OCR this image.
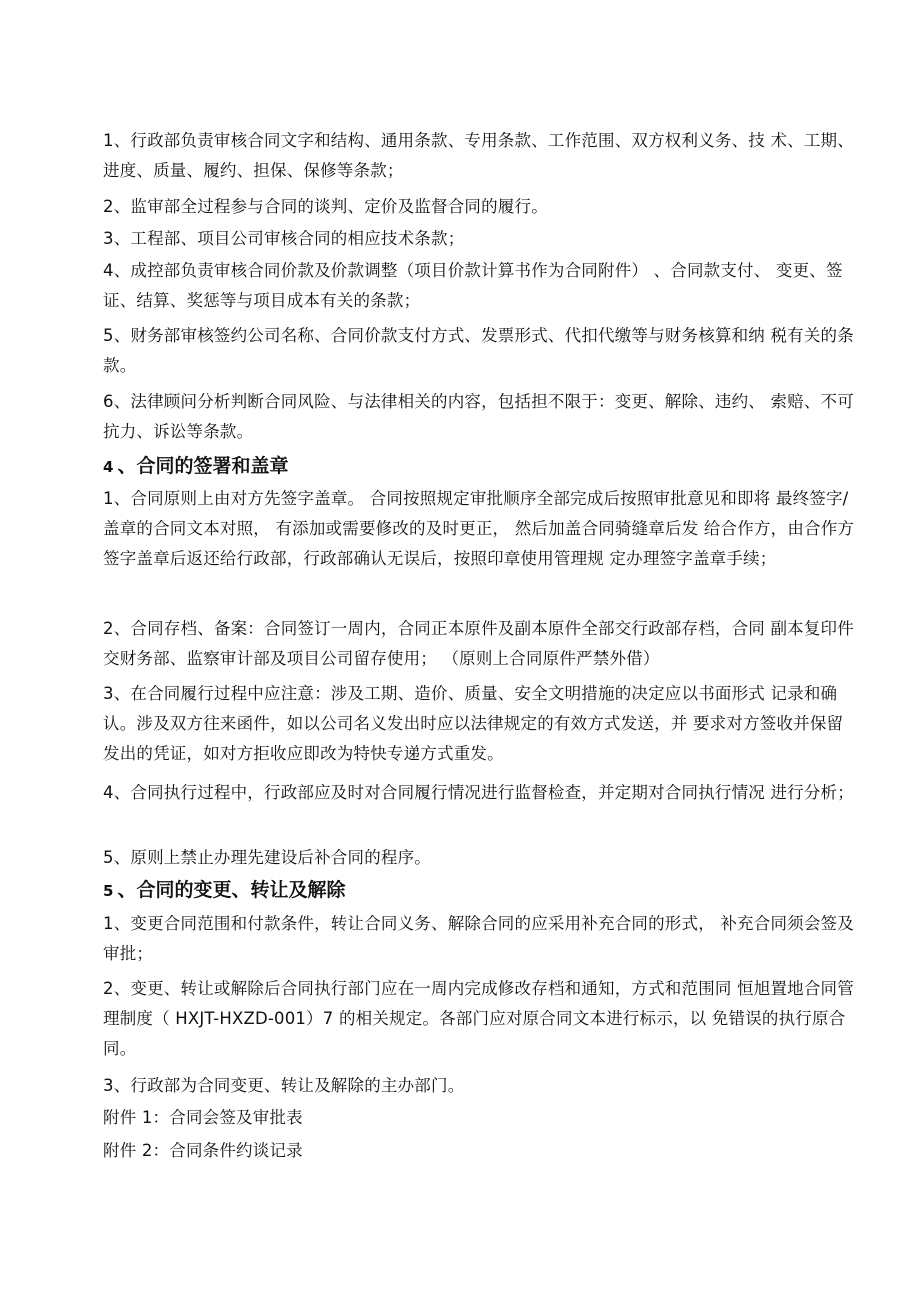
1、行政部负责审核合同文字和结构、通用条款、专用条款、工作范围、双方权利义务、技 术、工期、进度、质量、履约、担保、保修等条款；

2、监审部全过程参与合同的谈判、定价及监督合同的履行。

3、工程部、项目公司审核合同的相应技术条款；

4、成控部负责审核合同价款及价款调整（项目价款计算书作为合同附件） 、合同款支付、 变更、签证、结算、奖惩等与项目成本有关的条款；

5、财务部审核签约公司名称、合同价款支付方式、发票形式、代扣代缴等与财务核算和纳 税有关的条款。

6、法律顾问分析判断合同风险、与法律相关的内容，包括担不限于：变更、解除、违约、 索赔、不可抗力、诉讼等条款。

4 、合同的签署和盖章

1、合同原则上由对方先签字盖章。 合同按照规定审批顺序全部完成后按照审批意见和即将 最终签字/ 盖章的合同文本对照， 有添加或需要修改的及时更正， 然后加盖合同骑缝章后发 给合作方，由合作方签字盖章后返还给行政部，行政部确认无误后，按照印章使用管理规 定办理签字盖章手续；

2、合同存档、备案：合同签订一周内，合同正本原件及副本原件全部交行政部存档，合同 副本复印件交财务部、监察审计部及项目公司留存使用； （原则上合同原件严禁外借）

3、在合同履行过程中应注意：涉及工期、造价、质量、安全文明措施的决定应以书面形式 记录和确认。涉及双方往来函件，如以公司名义发出时应以法律规定的有效方式发送，并 要求对方签收并保留发出的凭证，如对方拒收应即改为特快专递方式重发。

4、合同执行过程中，行政部应及时对合同履行情况进行监督检查，并定期对合同执行情况 进行分析；

5、原则上禁止办理先建设后补合同的程序。

5 、合同的变更、转让及解除

1、变更合同范围和付款条件，转让合同义务、解除合同的应采用补充合同的形式， 补充合同须会签及审批；

2、变更、转让或解除后合同执行部门应在一周内完成修改存档和通知，方式和范围同 恒旭置地合同管理制度（ HXJT-HXZD-001）7 的相关规定。各部门应对原合同文本进行标示，以 免错误的执行原合同。

3、行政部为合同变更、转让及解除的主办部门。

附件 1：合同会签及审批表

附件 2：合同条件约谈记录
